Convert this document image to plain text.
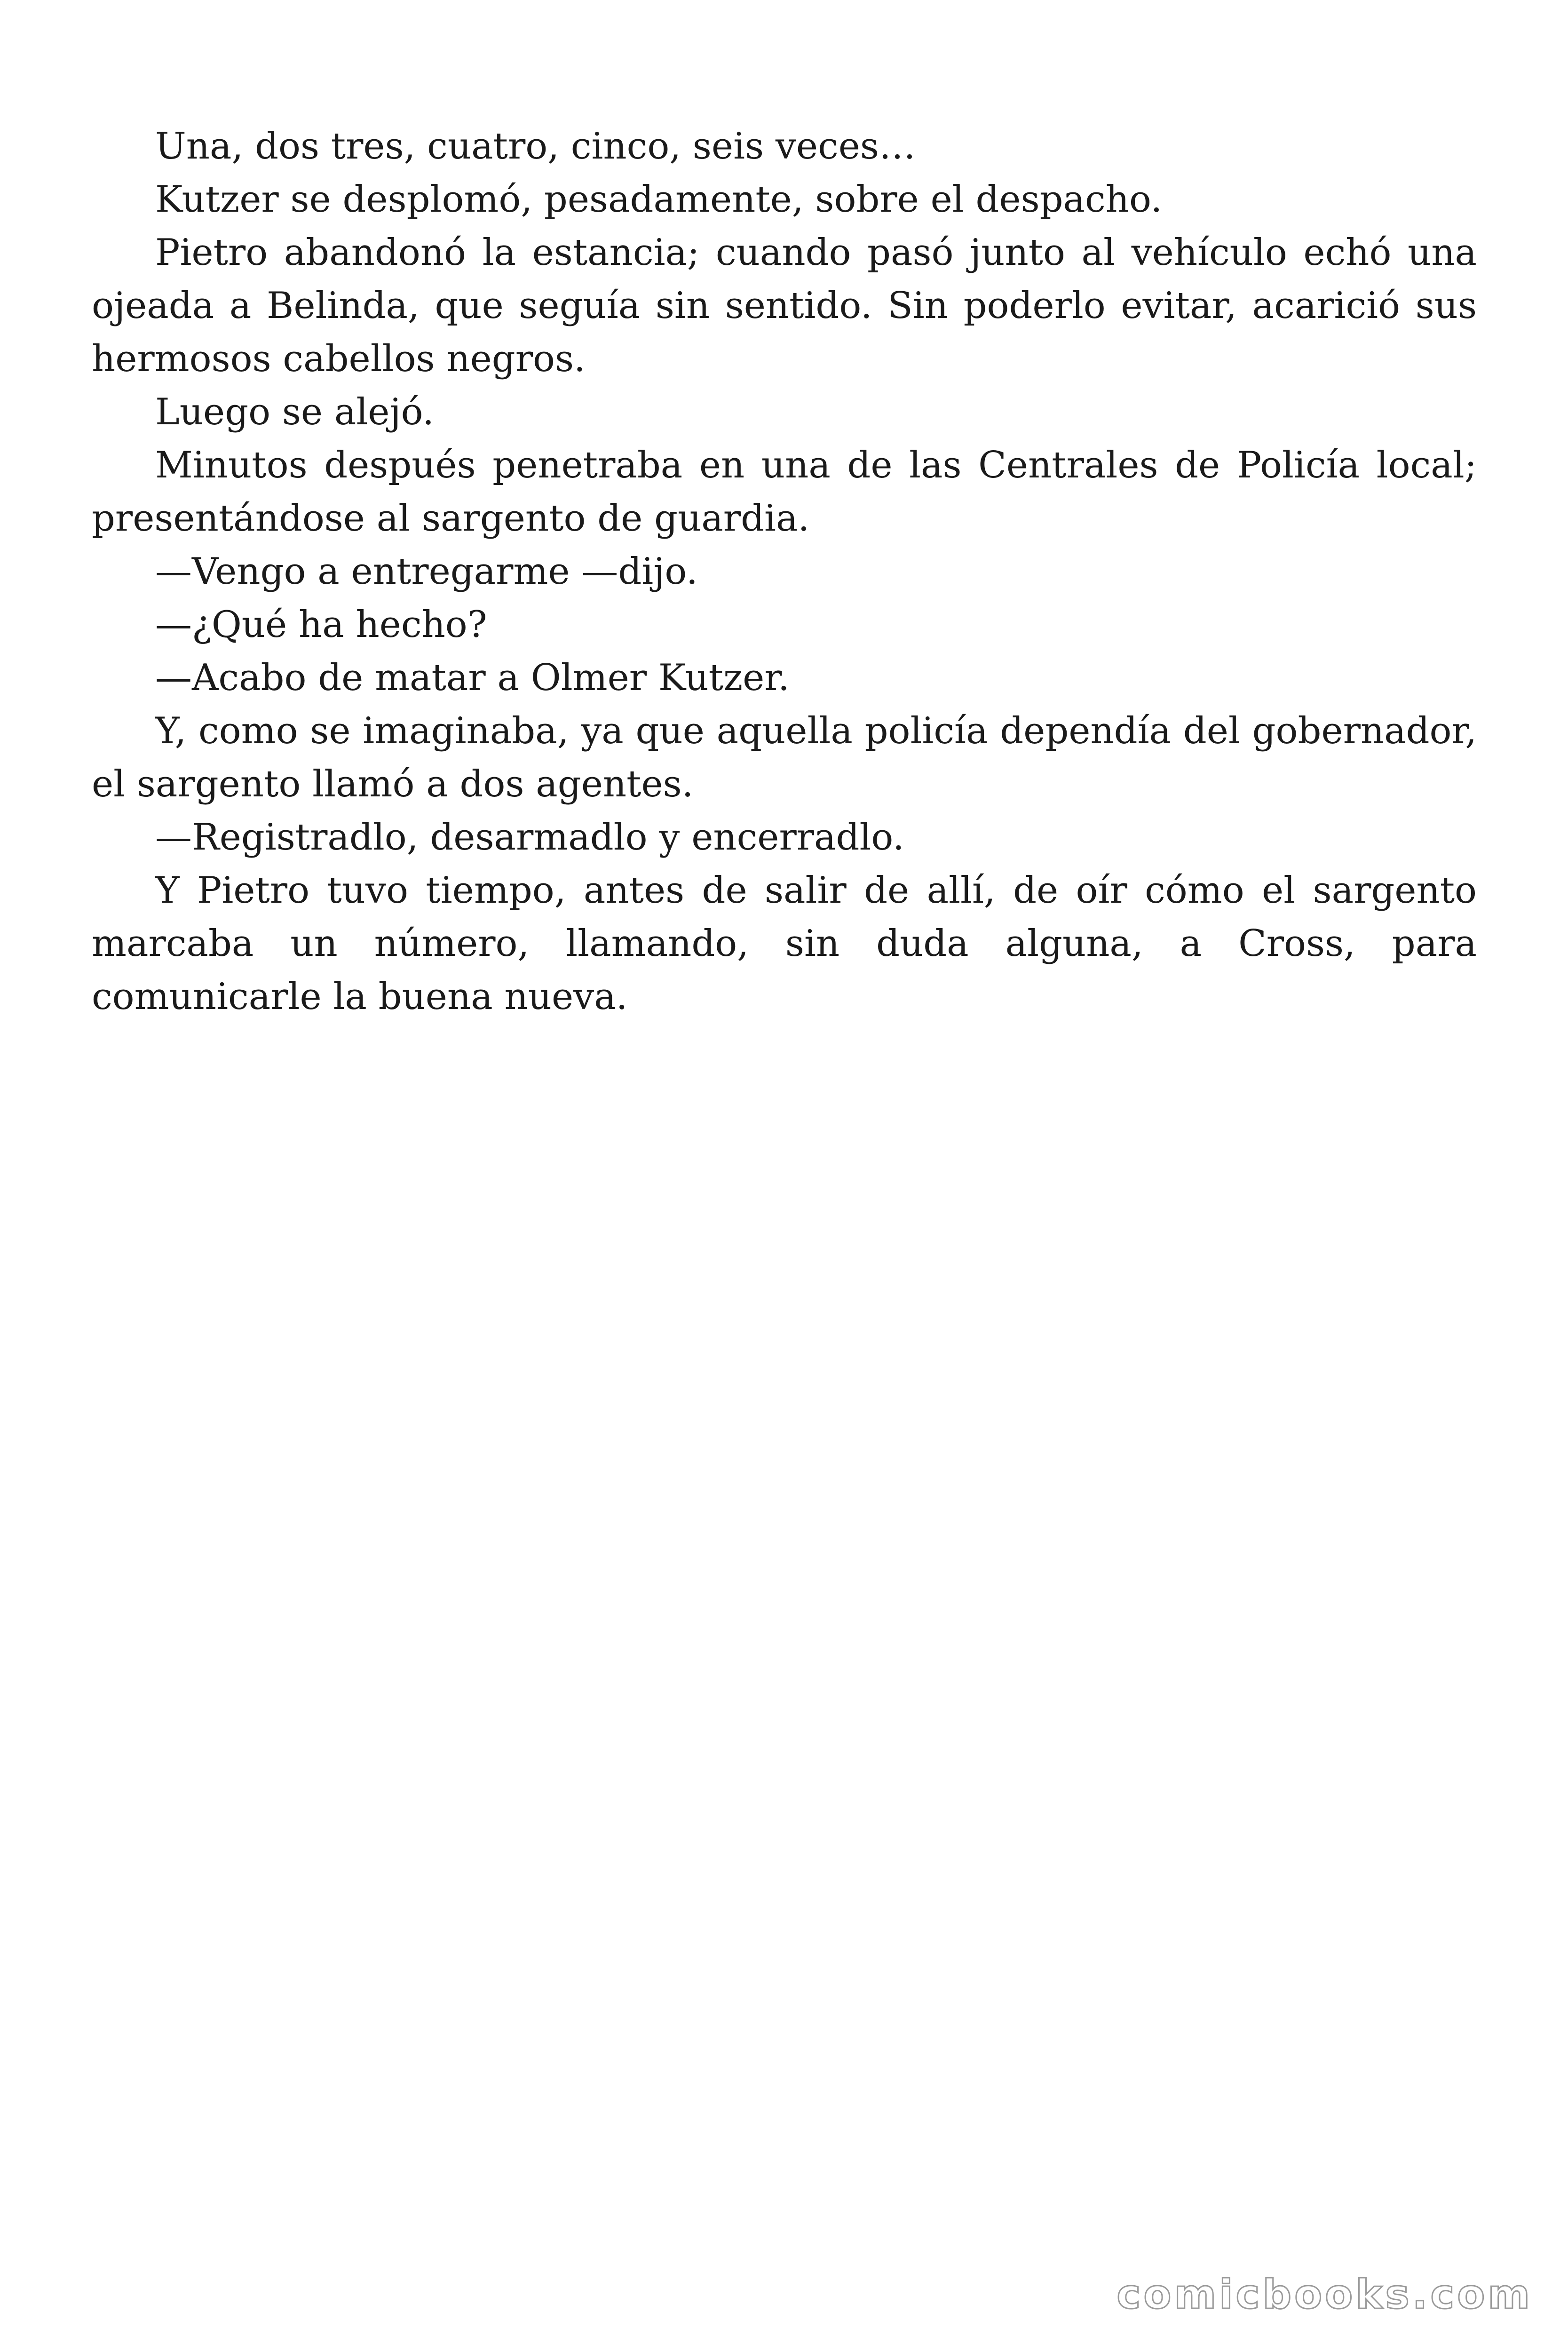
Una, dos tres, cuatro, cinco, seis veces…

Kutzer se desplomó, pesadamente, sobre el despacho.

Pietro abandonó la estancia; cuando pasó junto al vehículo echó una ojeada a Belinda, que seguía sin sentido. Sin poderlo evitar, acarició sus hermosos cabellos negros.

Luego se alejó.

Minutos después penetraba en una de las Centrales de Policía local; presentándose al sargento de guardia.

—Vengo a entregarme —dijo.

—¿Qué ha hecho?

—Acabo de matar a Olmer Kutzer.

Y, como se imaginaba, ya que aquella policía dependía del gobernador, el sargento llamó a dos agentes.

—Registradlo, desarmadlo y encerradlo.

Y Pietro tuvo tiempo, antes de salir de allí, de oír cómo el sargento marcaba un número, llamando, sin duda alguna, a Cross, para comunicarle la buena nueva.

comicbooks.com
